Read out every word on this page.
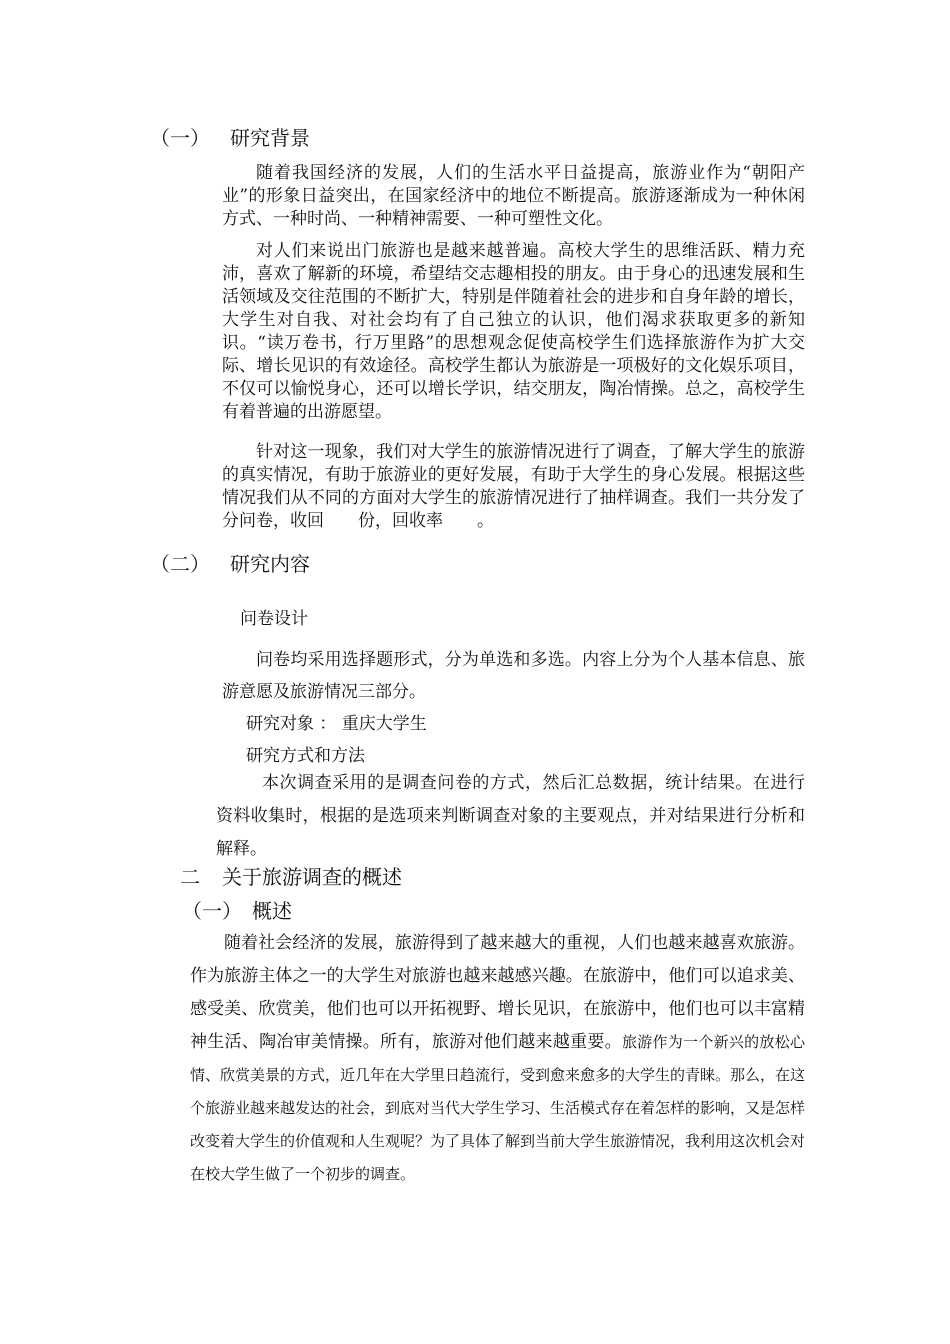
（一） 研究背景
随着我国经济的发展，人们的生活水平日益提高，旅游业作为“朝阳产业”的形象日益突出，在国家经济中的地位不断提高。旅游逐渐成为一种休闲方式、一种时尚、一种精神需要、一种可塑性文化。
对人们来说出门旅游也是越来越普遍。高校大学生的思维活跃、精力充沛，喜欢了解新的环境，希望结交志趣相投的朋友。由于身心的迅速发展和生活领域及交往范围的不断扩大，特别是伴随着社会的进步和自身年龄的增长，大学生对自我、对社会均有了自己独立的认识，他们渴求获取更多的新知识。“读万卷书，行万里路”的思想观念促使高校学生们选择旅游作为扩大交际、增长见识的有效途径。高校学生都认为旅游是一项极好的文化娱乐项目，不仅可以愉悦身心，还可以增长学识，结交朋友，陶冶情操。总之，高校学生有着普遍的出游愿望。
针对这一现象，我们对大学生的旅游情况进行了调查，了解大学生的旅游的真实情况，有助于旅游业的更好发展，有助于大学生的身心发展。根据这些情况我们从不同的方面对大学生的旅游情况进行了抽样调查。我们一共分发了　　分问卷，收回　　份，回收率　　。
（二） 研究内容
问卷设计
问卷均采用选择题形式，分为单选和多选。内容上分为个人基本信息、旅游意愿及旅游情况三部分。
研究对象 ： 重庆大学生
研究方式和方法
本次调查采用的是调查问卷的方式，然后汇总数据，统计结果。在进行资料收集时，根据的是选项来判断调查对象的主要观点，并对结果进行分析和解释。
二 关于旅游调查的概述
（一） 概述
随着社会经济的发展，旅游得到了越来越大的重视，人们也越来越喜欢旅游。作为旅游主体之一的大学生对旅游也越来越感兴趣。在旅游中，他们可以追求美、感受美、欣赏美，他们也可以开拓视野、增长见识，在旅游中，他们也可以丰富精神生活、陶冶审美情操。所有，旅游对他们越来越重要。旅游作为一个新兴的放松心情、欣赏美景的方式，近几年在大学里日趋流行，受到愈来愈多的大学生的青睐。那么，在这个旅游业越来越发达的社会，到底对当代大学生学习、生活模式存在着怎样的影响，又是怎样改变着大学生的价值观和人生观呢？为了具体了解到当前大学生旅游情况，我利用这次机会对在校大学生做了一个初步的调查。
